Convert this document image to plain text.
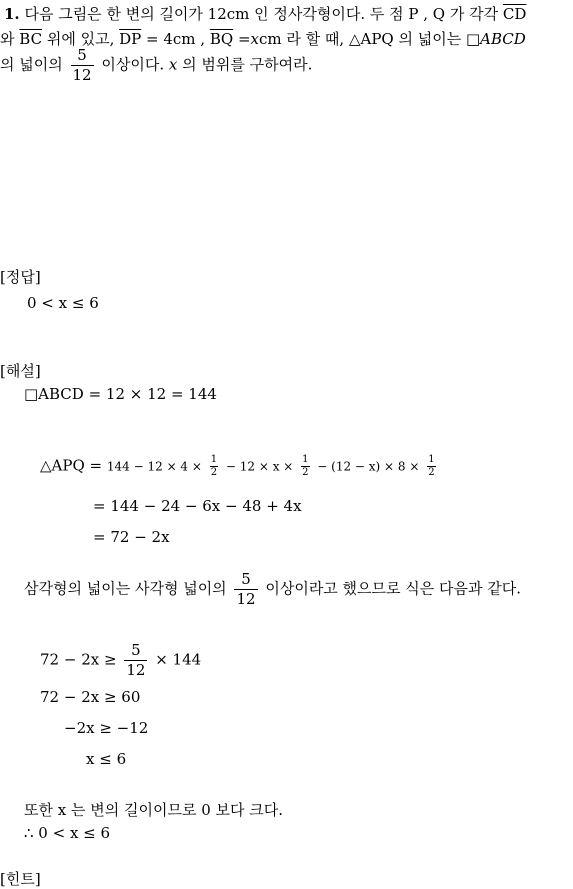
1. 다음 그림은 한 변의 길이가 12cm 인 정사각형이다. 두 점 P , Q 가 각각 $\overline{CD}$
와 $\overline{BC}$ 위에 있고, $\overline{DP} = 4cm$ , $\overline{BQ} =xcm$ 라 할 때, △APQ 의 넓이는 □ABCD
의 넓이의 $\frac{5}{12}$ 이상이다. x 의 범위를 구하여라.
[정답]
0 < x ≤ 6
[해설]
□ABCD = 12 × 12 = 144
△APQ = $144 - 12 \times 4 \times \frac{1}{2} - 12 \times x \times \frac{1}{2} - (12 - x) \times 8 \times \frac{1}{2}$
= 144 − 24 − 6x − 48 + 4x
= 72 − 2x
삼각형의 넓이는 사각형 넓이의 $\frac{5}{12}$ 이상이라고 했으므로 식은 다음과 같다.
$72 - 2x \ge \frac{5}{12} \times 144$
72 − 2x ≥ 60
−2x ≥ −12
x ≤ 6
또한 x 는 변의 길이이므로 0 보다 크다.
∴ 0 < x ≤ 6
[힌트]
